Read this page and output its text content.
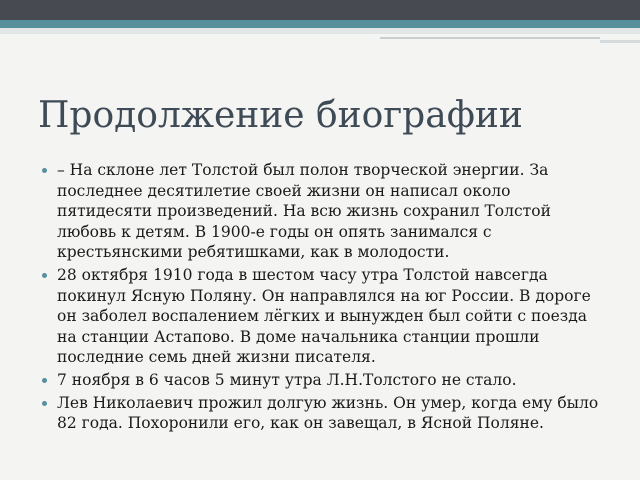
Продолжение биографии
– На склоне лет Толстой был полон творческой энергии. За последнее десятилетие своей жизни он написал около пятидесяти произведений. На всю жизнь сохранил Толстой любовь к детям. В 1900-е годы он опять занимался с крестьянскими ребятишками, как в молодости.
28 октября 1910 года в шестом часу утра Толстой навсегда покинул Ясную Поляну. Он направлялся на юг России. В дороге он заболел воспалением лёгких и вынужден был сойти с поезда на станции Астапово. В доме начальника станции прошли последние семь дней жизни писателя.
7 ноября в 6 часов 5 минут утра Л.Н.Толстого не стало.
Лев Николаевич прожил долгую жизнь. Он умер, когда ему было 82 года. Похоронили его, как он завещал, в Ясной Поляне.
